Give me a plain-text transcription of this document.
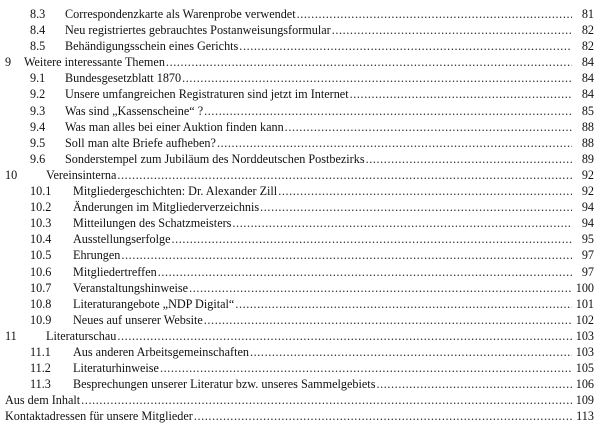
8.3 Correspondenzkarte als Warenprobe verwendet .....	81
8.4 Neu registriertes gebrauchtes Postanweisungsformular .....	82
8.5 Behändigungsschein eines Gerichts .....	82
9 Weitere interessante Themen .....	84
9.1 Bundesgesetzblatt 1870 .....	84
9.2 Unsere umfangreichen Registraturen sind jetzt im Internet .....	84
9.3 Was sind „Kassenscheine“ ? .....	85
9.4 Was man alles bei einer Auktion finden kann .....	88
9.5 Soll man alte Briefe aufheben? .....	88
9.6 Sonderstempel zum Jubiläum des Norddeutschen Postbezirks .....	89
10 Vereinsinterna .....	92
10.1 Mitgliedergeschichten: Dr. Alexander Zill .....	92
10.2 Änderungen im Mitgliederverzeichnis .....	94
10.3 Mitteilungen des Schatzmeisters .....	94
10.4 Ausstellungserfolge .....	95
10.5 Ehrungen .....	97
10.6 Mitgliedertreffen .....	97
10.7 Veranstaltungshinweise .....	100
10.8 Literaturangebote „NDP Digital“ .....	101
10.9 Neues auf unserer Website .....	102
11 Literaturschau .....	103
11.1 Aus anderen Arbeitsgemeinschaften .....	103
11.2 Literaturhinweise .....	105
11.3 Besprechungen unserer Literatur bzw. unseres Sammelgebiets .....	106
Aus dem Inhalt .....	109
Kontaktadressen für unsere Mitglieder .....	113
